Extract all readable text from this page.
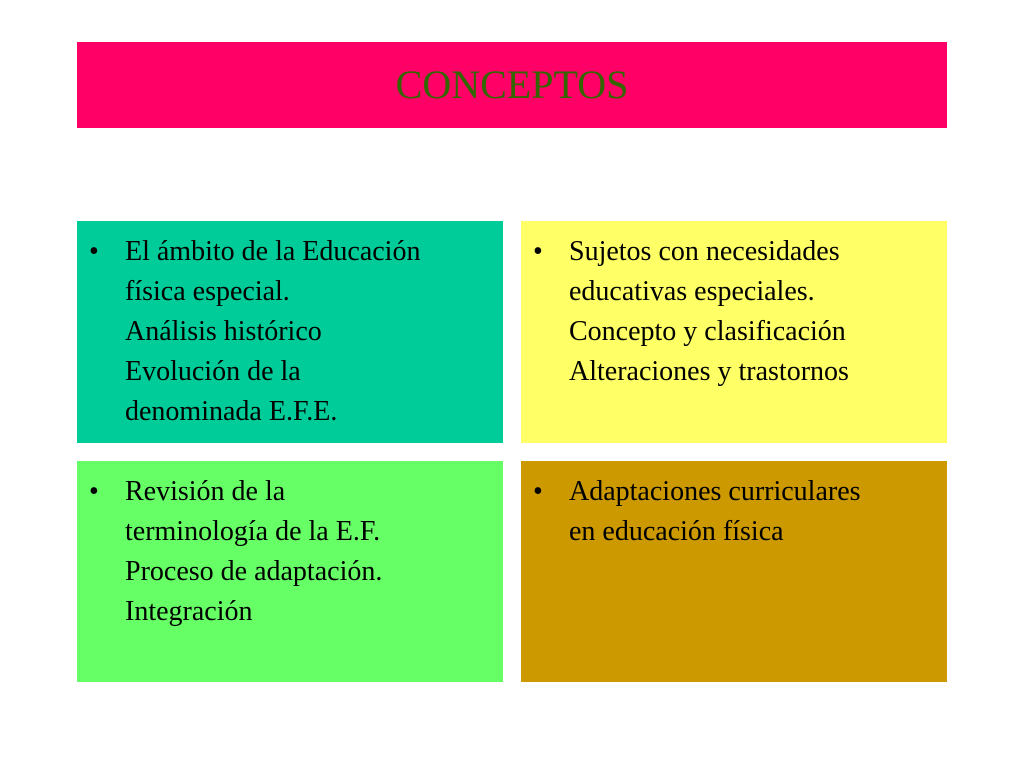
CONCEPTOS
• El ámbito de la Educación
física especial.
Análisis histórico
Evolución de la
denominada E.F.E.
• Sujetos con necesidades
educativas especiales.
Concepto y clasificación
Alteraciones y trastornos
• Revisión de la
terminología de la E.F.
Proceso de adaptación.
Integración
• Adaptaciones curriculares
en educación física
